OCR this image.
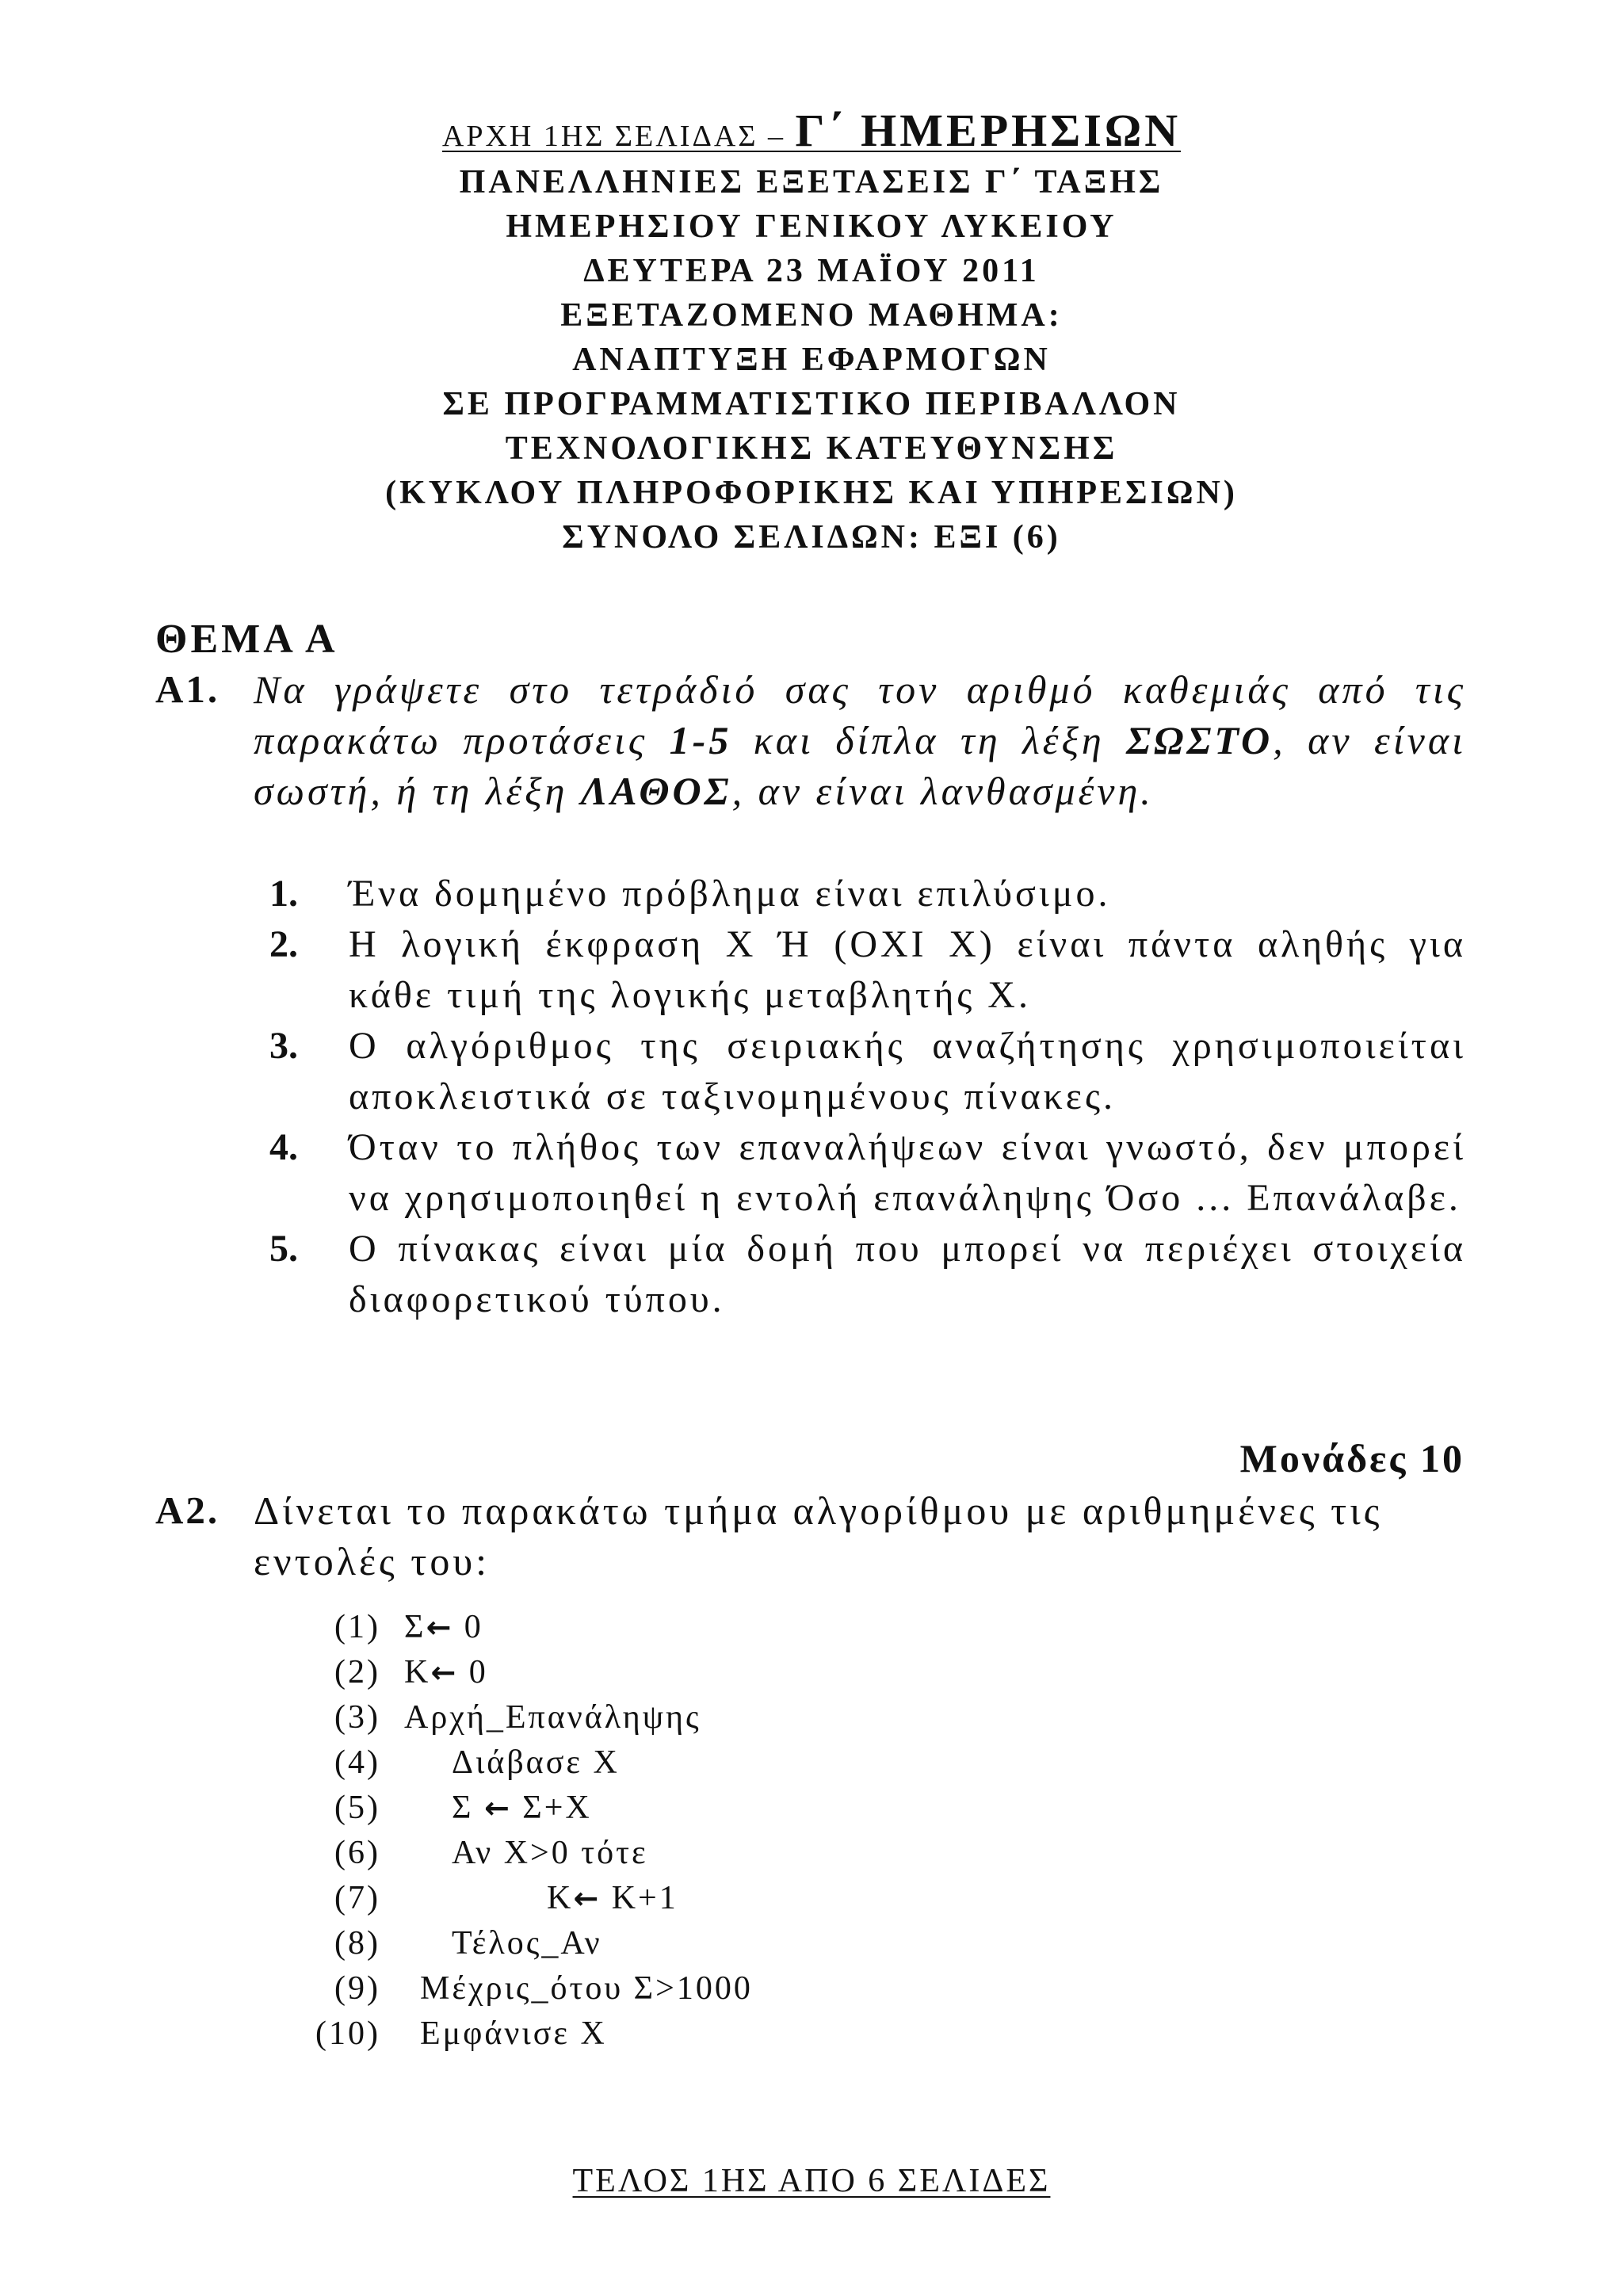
ΑΡΧΗ 1ΗΣ ΣΕΛΙΔΑΣ – Γ΄ ΗΜΕΡΗΣΙΩΝ
ΠΑΝΕΛΛΗΝΙΕΣ ΕΞΕΤΑΣΕΙΣ Γ΄ ΤΑΞΗΣ
ΗΜΕΡΗΣΙΟΥ ΓΕΝΙΚΟΥ ΛΥΚΕΙΟΥ
ΔΕΥΤΕΡΑ 23 ΜΑΪΟΥ 2011
ΕΞΕΤΑΖΟΜΕΝΟ ΜΑΘΗΜΑ:
ΑΝΑΠΤΥΞΗ ΕΦΑΡΜΟΓΩΝ
ΣΕ ΠΡΟΓΡΑΜΜΑΤΙΣΤΙΚΟ ΠΕΡΙΒΑΛΛΟΝ
ΤΕΧΝΟΛΟΓΙΚΗΣ ΚΑΤΕΥΘΥΝΣΗΣ
(ΚΥΚΛΟΥ ΠΛΗΡΟΦΟΡΙΚΗΣ ΚΑΙ ΥΠΗΡΕΣΙΩΝ)
ΣΥΝΟΛΟ ΣΕΛΙΔΩΝ: ΕΞΙ (6)
ΘΕΜΑ Α
Α1. Να γράψετε στο τετράδιό σας τον αριθμό καθεμιάς από τις παρακάτω προτάσεις 1-5 και δίπλα τη λέξη ΣΩΣΤΟ, αν είναι σωστή, ή τη λέξη ΛΑΘΟΣ, αν είναι λανθασμένη.
1.	Ένα δομημένο πρόβλημα είναι επιλύσιμο.
2.	Η λογική έκφραση Χ Ή (ΟΧΙ Χ) είναι πάντα αληθής για κάθε τιμή της λογικής μεταβλητής Χ.
3.	Ο αλγόριθμος της σειριακής αναζήτησης χρησιμοποιείται αποκλειστικά σε ταξινομημένους πίνακες.
4.	Όταν το πλήθος των επαναλήψεων είναι γνωστό, δεν μπορεί να χρησιμοποιηθεί η εντολή επανάληψης Όσο ... Επανάλαβε.
5.	Ο πίνακας είναι μία δομή που μπορεί να περιέχει στοιχεία διαφορετικού τύπου.
Μονάδες 10
Α2. Δίνεται το παρακάτω τμήμα αλγορίθμου με αριθμημένες τις εντολές του:
(1) Σ← 0
(2) Κ← 0
(3) Αρχή_Επανάληψης
(4) Διάβασε Χ
(5) Σ ← Σ+Χ
(6) Αν Χ>0 τότε
(7)	Κ← Κ+1
(8) Τέλος_Αν
(9) Μέχρις_ότου Σ>1000
(10) Εμφάνισε Χ
ΤΕΛΟΣ 1ΗΣ ΑΠΟ 6 ΣΕΛΙΔΕΣ
